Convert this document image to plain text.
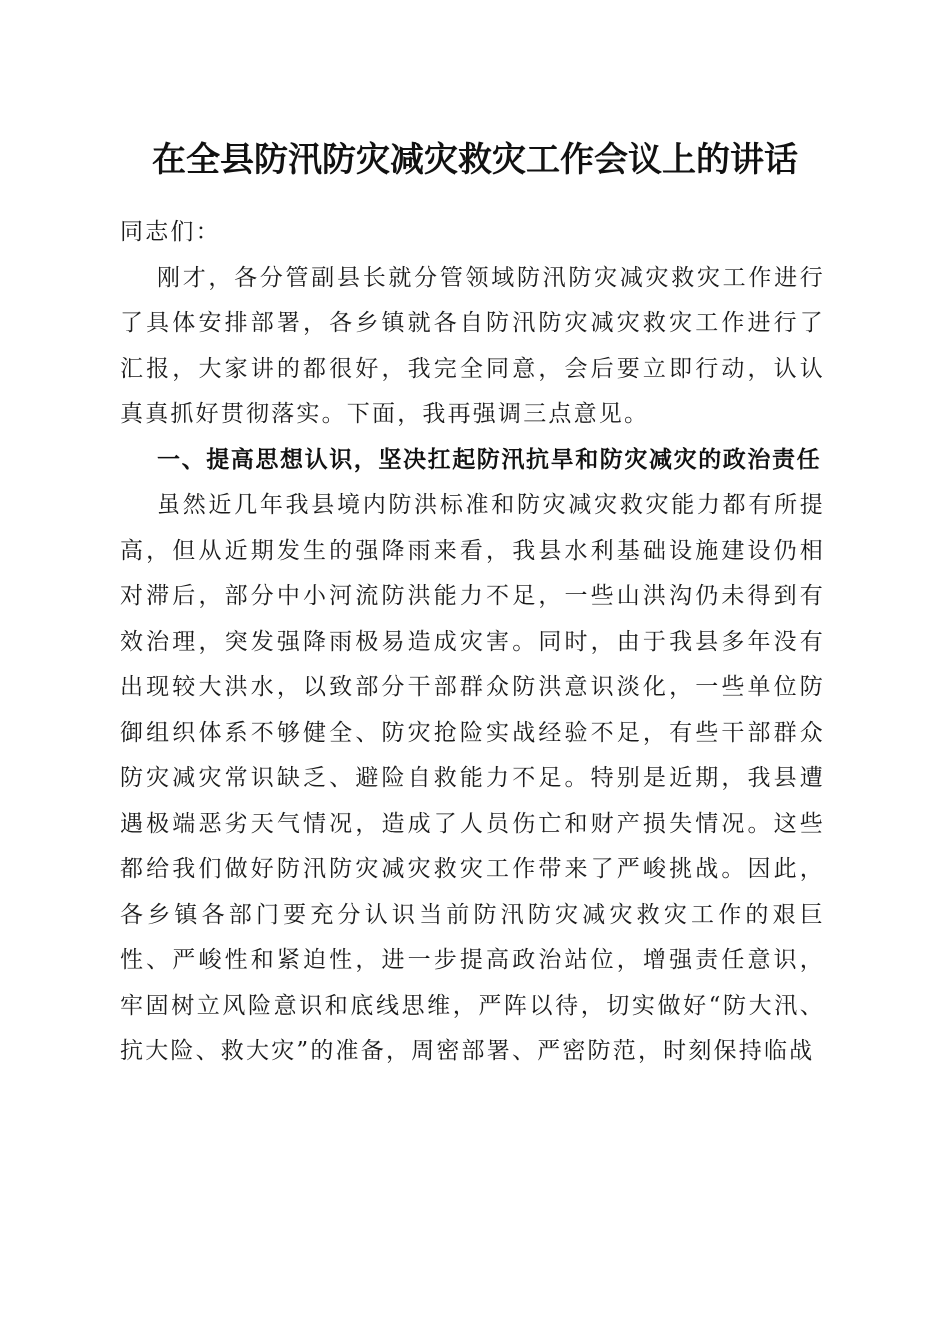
在全县防汛防灾减灾救灾工作会议上的讲话

同志们：

刚才，各分管副县长就分管领域防汛防灾减灾救灾工作进行了具体安排部署，各乡镇就各自防汛防灾减灾救灾工作进行了汇报，大家讲的都很好，我完全同意，会后要立即行动，认认真真抓好贯彻落实。下面，我再强调三点意见。

一、提高思想认识，坚决扛起防汛抗旱和防灾减灾的政治责任

虽然近几年我县境内防洪标准和防灾减灾救灾能力都有所提高，但从近期发生的强降雨来看，我县水利基础设施建设仍相对滞后，部分中小河流防洪能力不足，一些山洪沟仍未得到有效治理，突发强降雨极易造成灾害。同时，由于我县多年没有出现较大洪水，以致部分干部群众防洪意识淡化，一些单位防御组织体系不够健全、防灾抢险实战经验不足，有些干部群众防灾减灾常识缺乏、避险自救能力不足。特别是近期，我县遭遇极端恶劣天气情况，造成了人员伤亡和财产损失情况。这些都给我们做好防汛防灾减灾救灾工作带来了严峻挑战。因此，各乡镇各部门要充分认识当前防汛防灾减灾救灾工作的艰巨性、严峻性和紧迫性，进一步提高政治站位，增强责任意识，牢固树立风险意识和底线思维，严阵以待，切实做好“防大汛、抗大险、救大灾”的准备，周密部署、严密防范，时刻保持临战
